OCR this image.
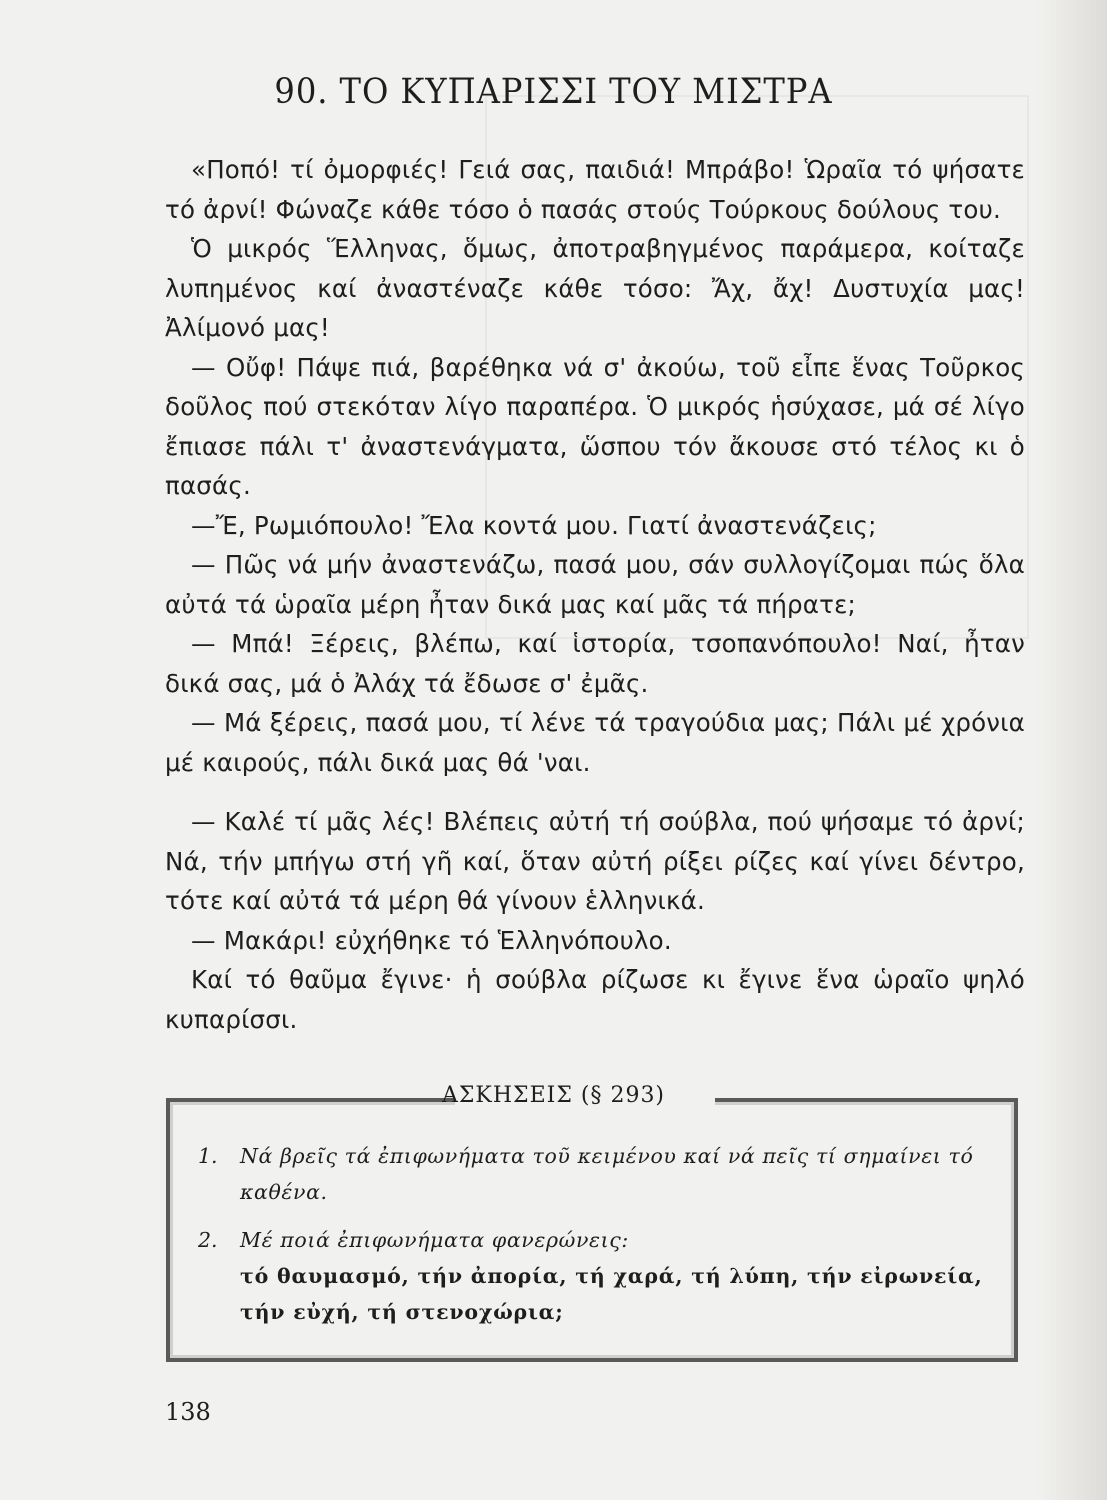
90. ΤΟ ΚΥΠΑΡΙΣΣΙ ΤΟΥ ΜΙΣΤΡΑ

«Ποπό! τί ὀμορφιές! Γειά σας, παιδιά! Μπράβο! Ὡραῖα τό ψήσατε τό ἀρνί! Φώναζε κάθε τόσο ὁ πασάς στούς Τούρκους δούλους του.

Ὁ μικρός Ἕλληνας, ὅμως, ἀποτραβηγμένος παράμερα, κοίταζε λυπημένος καί ἀναστέναζε κάθε τόσο: Ἄχ, ἄχ! Δυστυχία μας! Ἀλίμονό μας!

— Οὔφ! Πάψε πιά, βαρέθηκα νά σ' ἀκούω, τοῦ εἶπε ἕνας Τοῦρκος δοῦλος πού στεκόταν λίγο παραπέρα. Ὁ μικρός ἡσύχασε, μά σέ λίγο ἔπιασε πάλι τ' ἀναστενάγματα, ὥσπου τόν ἄκουσε στό τέλος κι ὁ πασάς.

—Ἔ, Ρωμιόπουλο! Ἔλα κοντά μου. Γιατί ἀναστενάζεις;

— Πῶς νά μήν ἀναστενάζω, πασά μου, σάν συλλογίζομαι πώς ὅλα αὐτά τά ὡραῖα μέρη ἦταν δικά μας καί μᾶς τά πήρατε;

— Μπά! Ξέρεις, βλέπω, καί ἱστορία, τσοπανόπουλο! Ναί, ἦταν δικά σας, μά ὁ Ἀλάχ τά ἔδωσε σ' ἐμᾶς.

— Μά ξέρεις, πασά μου, τί λένε τά τραγούδια μας; Πάλι μέ χρόνια μέ καιρούς, πάλι δικά μας θά 'ναι.

— Καλέ τί μᾶς λές! Βλέπεις αὐτή τή σούβλα, πού ψήσαμε τό ἀρνί; Νά, τήν μπήγω στή γῆ καί, ὅταν αὐτή ρίξει ρίζες καί γίνει δέντρο, τότε καί αὐτά τά μέρη θά γίνουν ἑλληνικά.

— Μακάρι! εὐχήθηκε τό Ἑλληνόπουλο.

Καί τό θαῦμα ἔγινε· ἡ σούβλα ρίζωσε κι ἔγινε ἕνα ὡραῖο ψηλό κυπαρίσσι.

ΑΣΚΗΣΕΙΣ (§ 293)
1. Νά βρεῖς τά ἐπιφωνήματα τοῦ κειμένου καί νά πεῖς τί σημαίνει τό καθένα.
2. Μέ ποιά ἐπιφωνήματα φανερώνεις:
τό θαυμασμό, τήν ἀπορία, τή χαρά, τή λύπη, τήν εἰρωνεία, τήν εὐχή, τή στενοχώρια;
138
